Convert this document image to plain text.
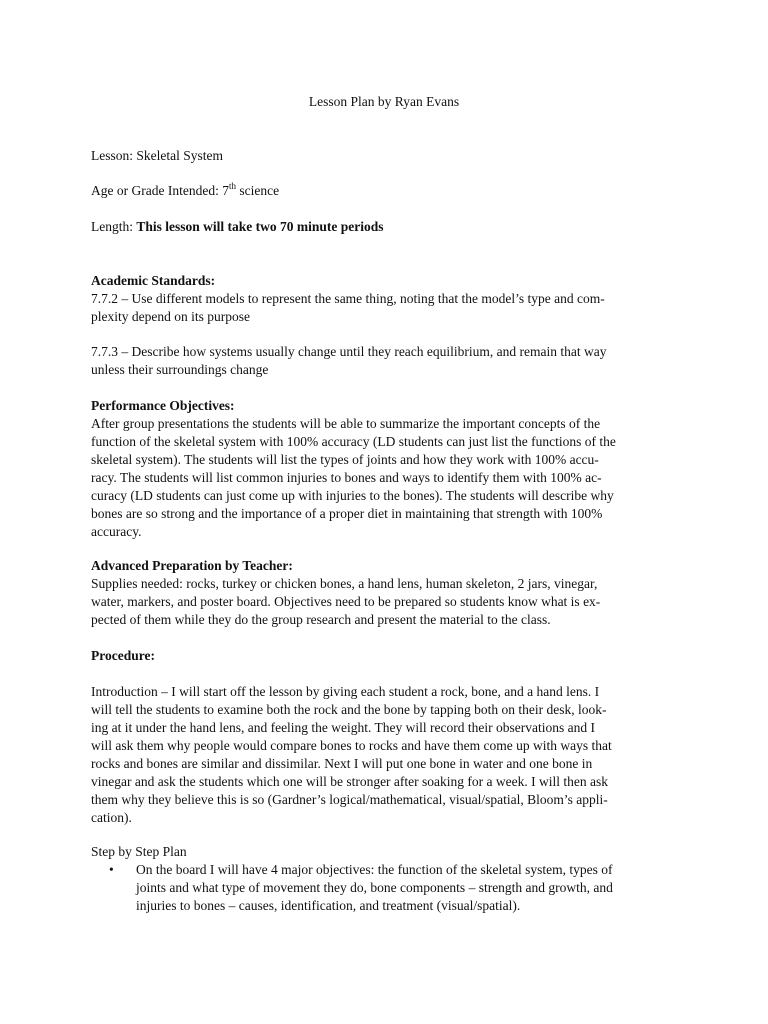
Lesson Plan by Ryan Evans
Lesson: Skeletal System
Age or Grade Intended: 7th science
Length: This lesson will take two 70 minute periods
Academic Standards:
7.7.2 – Use different models to represent the same thing, noting that the model’s type and com-
plexity depend on its purpose
7.7.3 – Describe how systems usually change until they reach equilibrium, and remain that way
unless their surroundings change
Performance Objectives:
After group presentations the students will be able to summarize the important concepts of the
function of the skeletal system with 100% accuracy (LD students can just list the functions of the
skeletal system). The students will list the types of joints and how they work with 100% accu-
racy. The students will list common injuries to bones and ways to identify them with 100% ac-
curacy (LD students can just come up with injuries to the bones). The students will describe why
bones are so strong and the importance of a proper diet in maintaining that strength with 100%
accuracy.
Advanced Preparation by Teacher:
Supplies needed: rocks, turkey or chicken bones, a hand lens, human skeleton, 2 jars, vinegar,
water, markers, and poster board. Objectives need to be prepared so students know what is ex-
pected of them while they do the group research and present the material to the class.
Procedure:
Introduction – I will start off the lesson by giving each student a rock, bone, and a hand lens. I
will tell the students to examine both the rock and the bone by tapping both on their desk, look-
ing at it under the hand lens, and feeling the weight. They will record their observations and I
will ask them why people would compare bones to rocks and have them come up with ways that
rocks and bones are similar and dissimilar. Next I will put one bone in water and one bone in
vinegar and ask the students which one will be stronger after soaking for a week. I will then ask
them why they believe this is so (Gardner’s logical/mathematical, visual/spatial, Bloom’s appli-
cation).
Step by Step Plan
•	On the board I will have 4 major objectives: the function of the skeletal system, types of
joints and what type of movement they do, bone components – strength and growth, and
injuries to bones – causes, identification, and treatment (visual/spatial).
